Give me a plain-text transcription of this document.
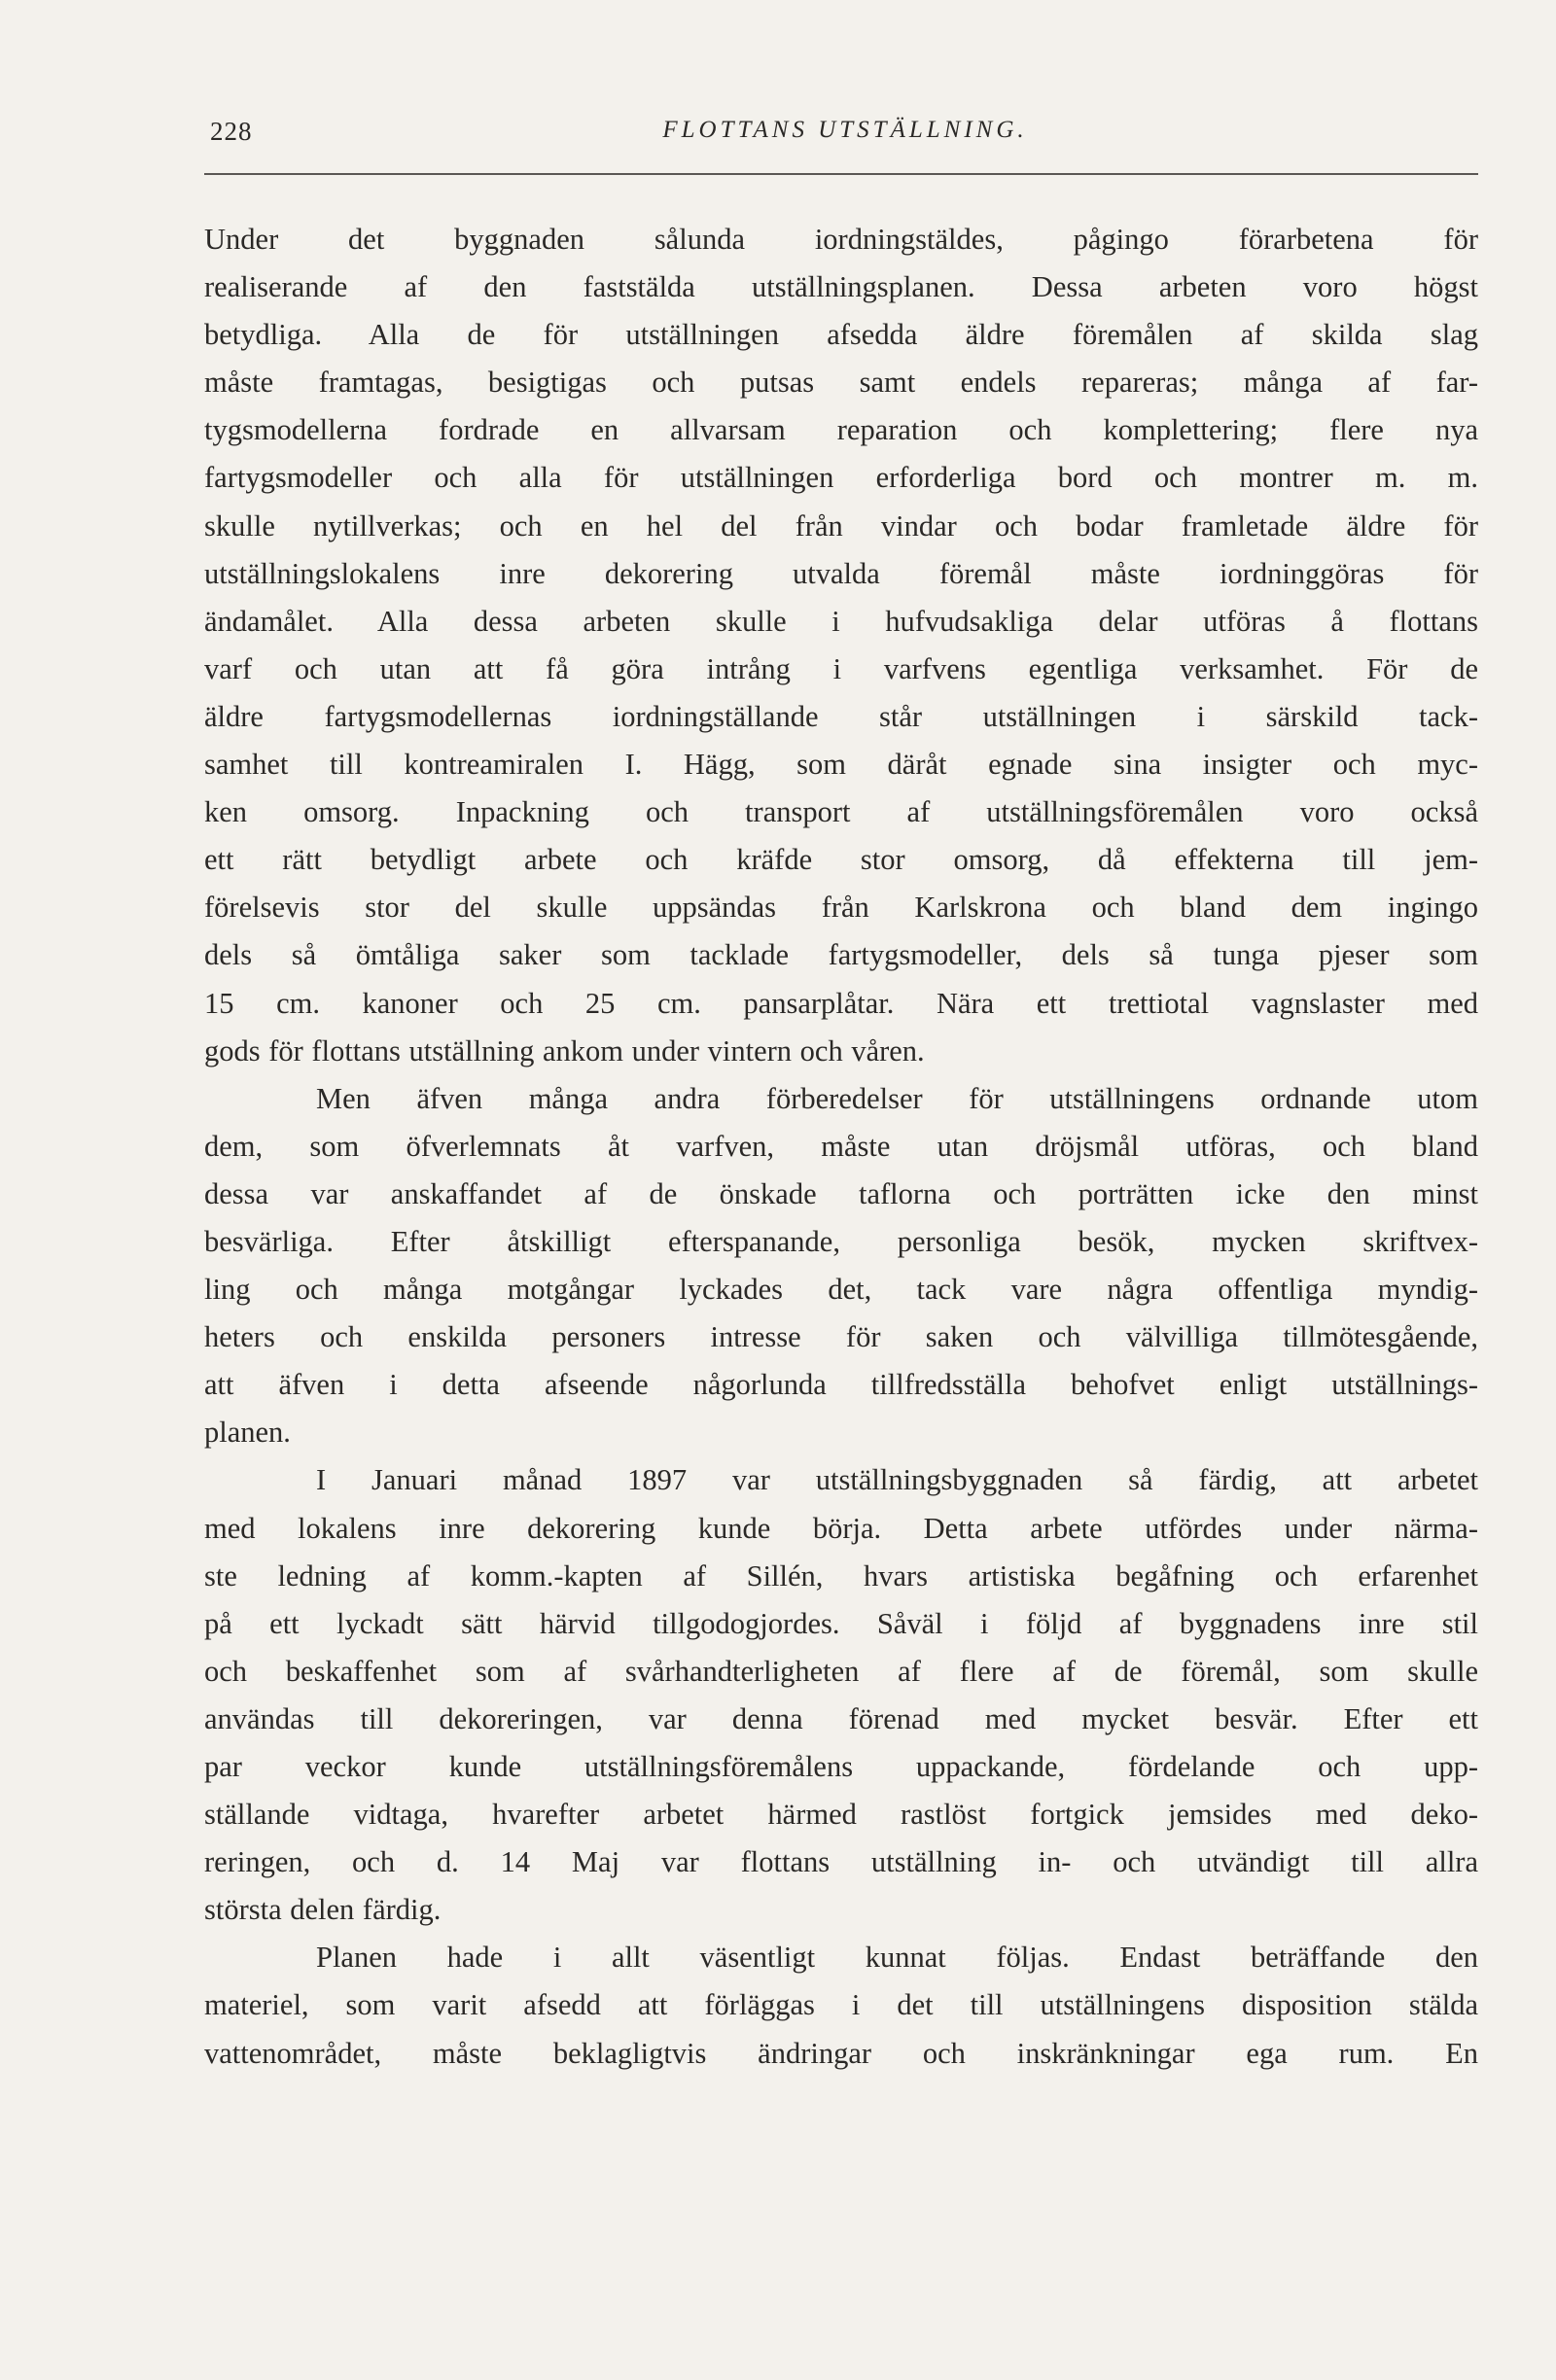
228	FLOTTANS UTSTÄLLNING.
Under det byggnaden sålunda iordningstäldes, pågingo förarbetena för
realiserande af den faststälda utställningsplanen. Dessa arbeten voro högst
betydliga. Alla de för utställningen afsedda äldre föremålen af skilda slag
måste framtagas, besigtigas och putsas samt endels repareras; många af far-
tygsmodellerna fordrade en allvarsam reparation och komplettering; flere nya
fartygsmodeller och alla för utställningen erforderliga bord och montrer m. m.
skulle nytillverkas; och en hel del från vindar och bodar framletade äldre för
utställningslokalens inre dekorering utvalda föremål måste iordninggöras för
ändamålet. Alla dessa arbeten skulle i hufvudsakliga delar utföras å flottans
varf och utan att få göra intrång i varfvens egentliga verksamhet. För de
äldre fartygsmodellernas iordningställande står utställningen i särskild tack-
samhet till kontreamiralen I. Hägg, som däråt egnade sina insigter och myc-
ken omsorg. Inpackning och transport af utställningsföremålen voro också
ett rätt betydligt arbete och kräfde stor omsorg, då effekterna till jem-
förelsevis stor del skulle uppsändas från Karlskrona och bland dem ingingo
dels så ömtåliga saker som tacklade fartygsmodeller, dels så tunga pjeser som
15 cm. kanoner och 25 cm. pansarplåtar. Nära ett trettiotal vagnslaster med
gods för flottans utställning ankom under vintern och våren.
Men äfven många andra förberedelser för utställningens ordnande utom
dem, som öfverlemnats åt varfven, måste utan dröjsmål utföras, och bland
dessa var anskaffandet af de önskade taflorna och porträtten icke den minst
besvärliga. Efter åtskilligt efterspanande, personliga besök, mycken skriftvex-
ling och många motgångar lyckades det, tack vare några offentliga myndig-
heters och enskilda personers intresse för saken och välvilliga tillmötesgående,
att äfven i detta afseende någorlunda tillfredsställa behofvet enligt utställnings-
planen.
I Januari månad 1897 var utställningsbyggnaden så färdig, att arbetet
med lokalens inre dekorering kunde börja. Detta arbete utfördes under närma-
ste ledning af komm.-kapten af Sillén, hvars artistiska begåfning och erfarenhet
på ett lyckadt sätt härvid tillgodogjordes. Såväl i följd af byggnadens inre stil
och beskaffenhet som af svårhandterligheten af flere af de föremål, som skulle
användas till dekoreringen, var denna förenad med mycket besvär. Efter ett
par veckor kunde utställningsföremålens uppackande, fördelande och upp-
ställande vidtaga, hvarefter arbetet härmed rastlöst fortgick jemsides med deko-
reringen, och d. 14 Maj var flottans utställning in- och utvändigt till allra
största delen färdig.
Planen hade i allt väsentligt kunnat följas. Endast beträffande den
materiel, som varit afsedd att förläggas i det till utställningens disposition stälda
vattenområdet, måste beklagligtvis ändringar och inskränkningar ega rum. En
